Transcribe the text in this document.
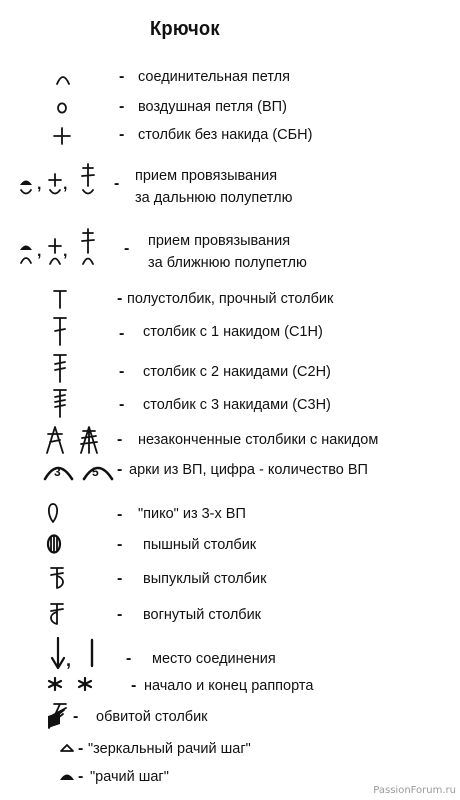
Крючок
- соединительная петля
- воздушная петля (ВП)
- столбик без накида (СБН)
, ,	- прием провязывания
за дальнюю полупетлю
, ,	- прием провязывания
за ближнюю полупетлю
- полустолбик, прочный столбик
- столбик с 1 накидом (С1Н)
- столбик с 2 накидами (С2Н)
- столбик с 3 накидами (С3Н)
- незаконченные столбики с накидом
3	5 - арки из ВП, цифра - количество ВП
- "пико" из 3-х ВП
- пышный столбик
- выпуклый столбик
- вогнутый столбик
,	- место соединения
- начало и конец раппорта
- обвитой столбик
- "зеркальный рачий шаг"
- "рачий шаг"
PassionForum.ru
